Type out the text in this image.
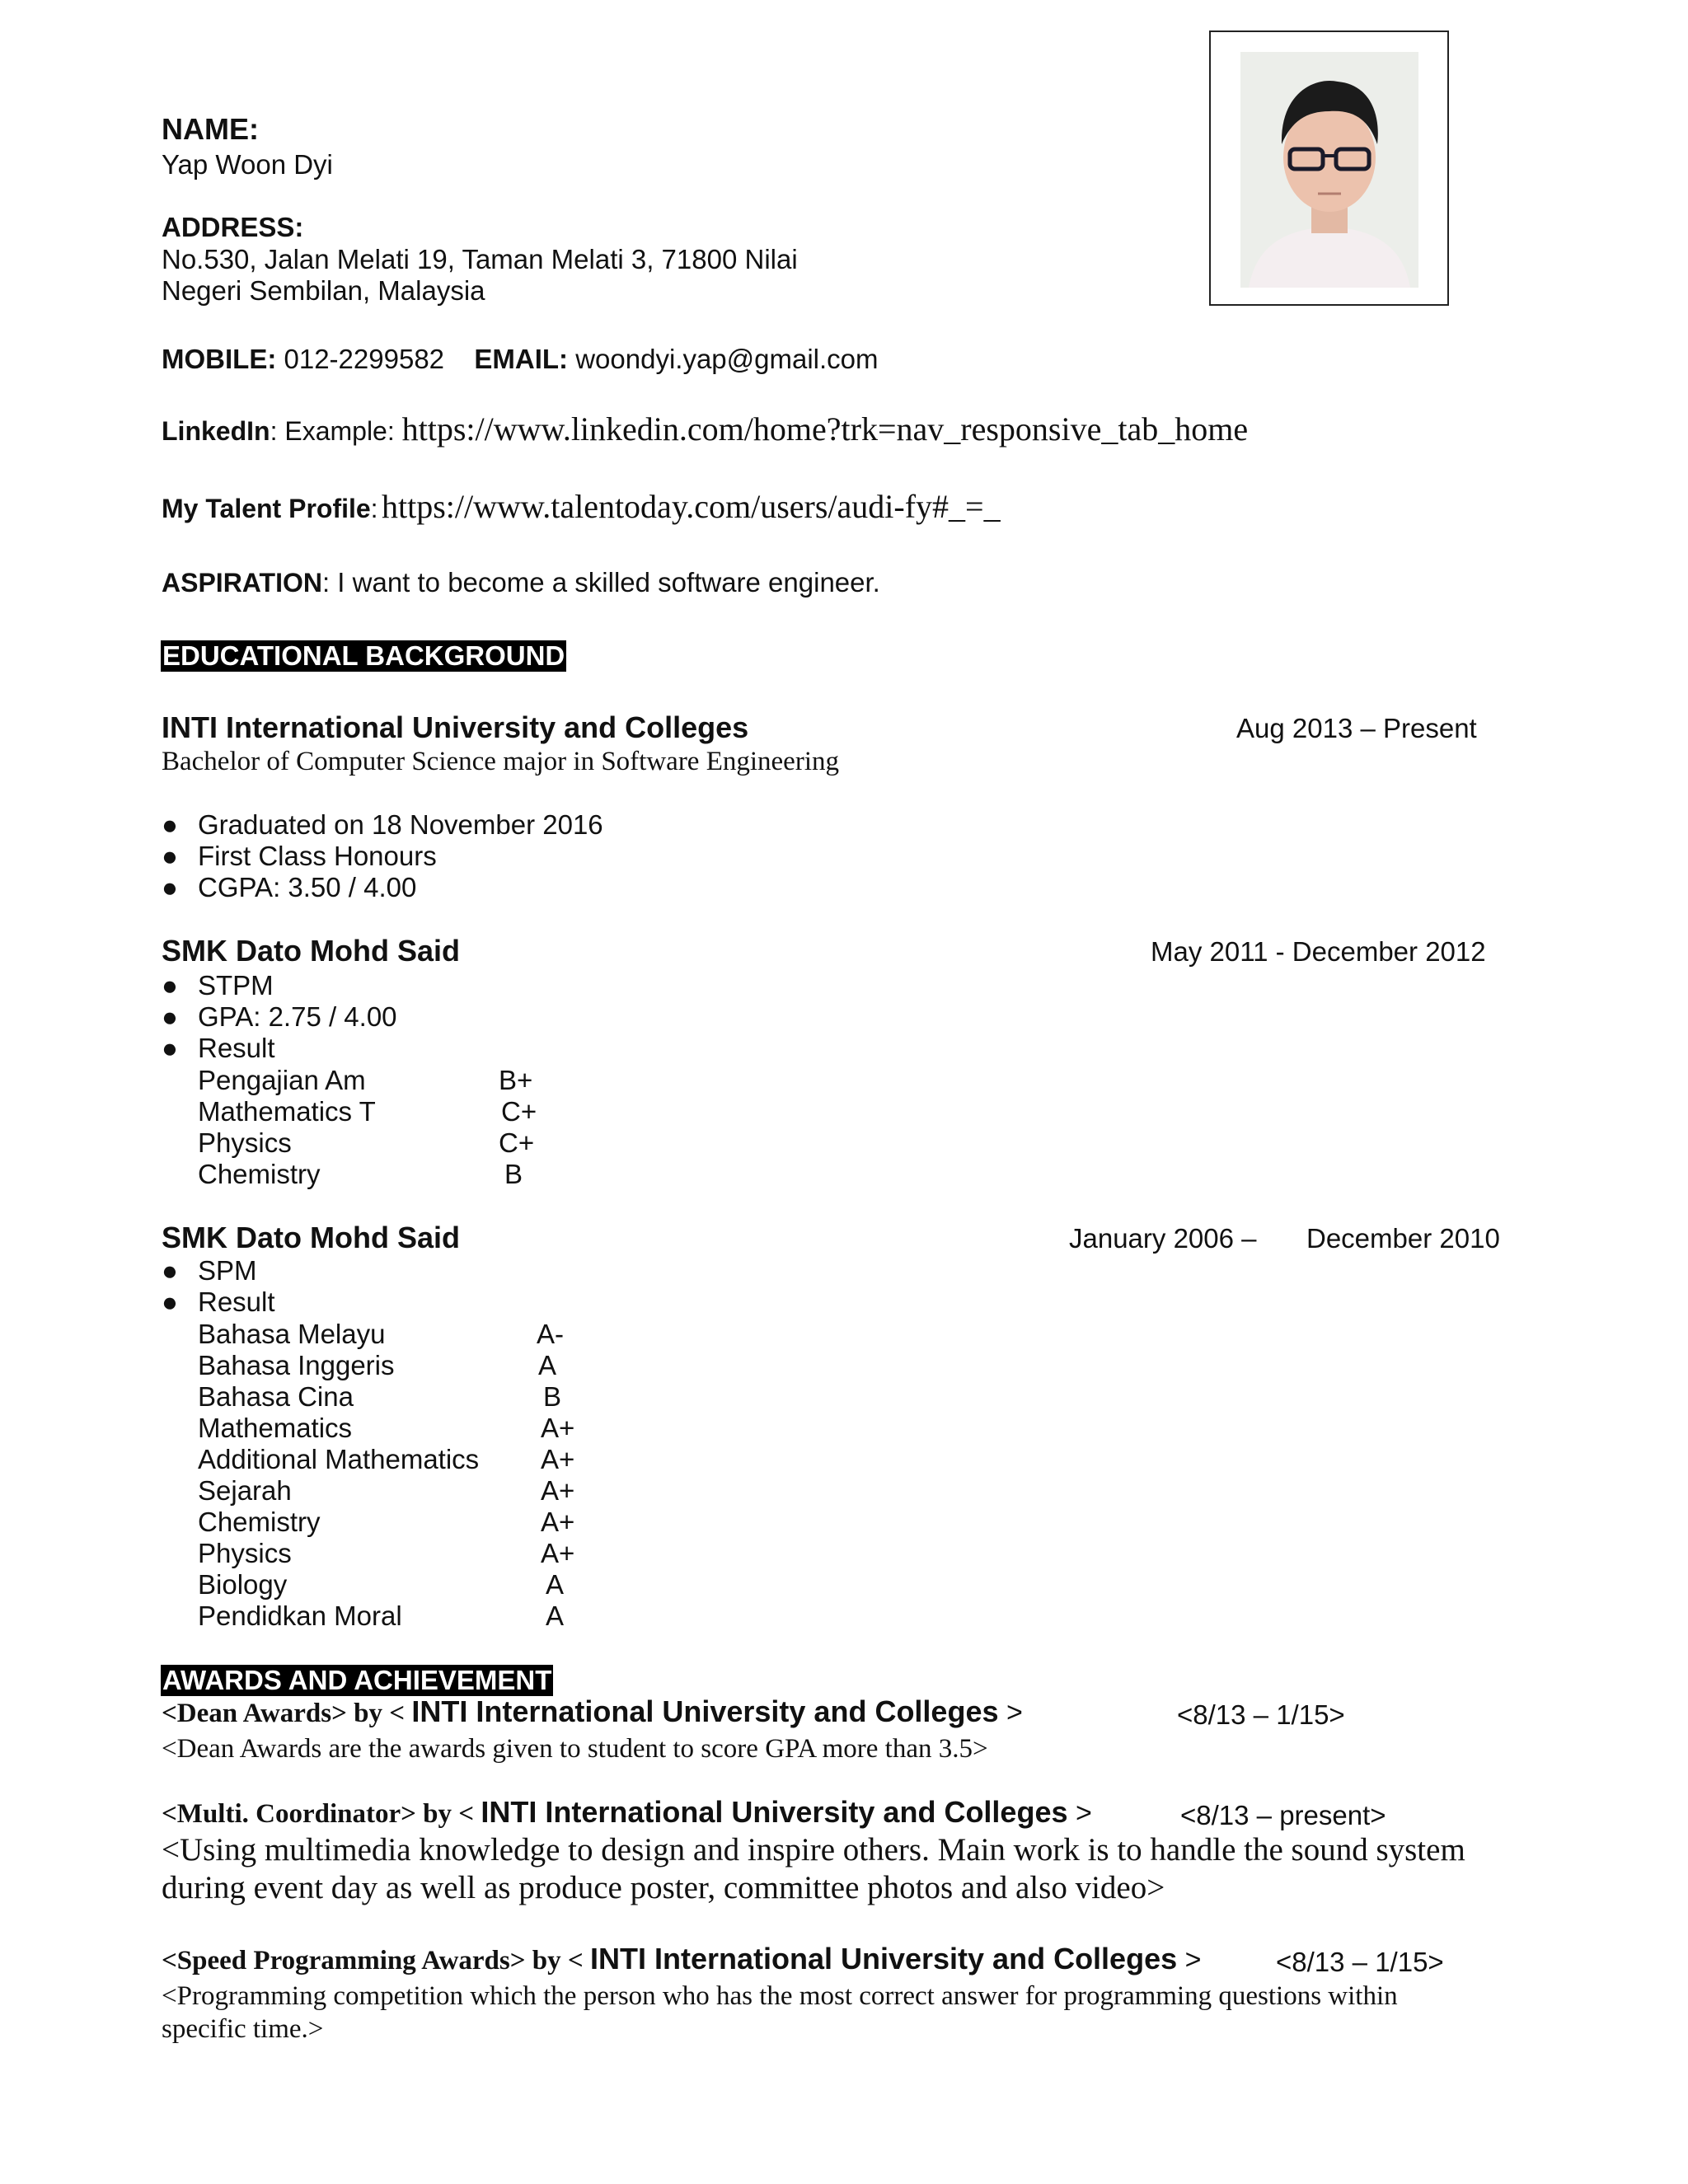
NAME:
Yap Woon Dyi
ADDRESS:
No.530, Jalan Melati 19, Taman Melati 3, 71800 Nilai
Negeri Sembilan, Malaysia
MOBILE: 012-2299582 EMAIL: woondyi.yap@gmail.com
LinkedIn: Example: https://www.linkedin.com/home?trk=nav_responsive_tab_home
My Talent Profile: https://www.talentoday.com/users/audi-fy#_=_
ASPIRATION: I want to become a skilled software engineer.
EDUCATIONAL BACKGROUND
INTI International University and Colleges	Aug 2013 – Present
Bachelor of Computer Science major in Software Engineering
● Graduated on 18 November 2016
● First Class Honours
● CGPA: 3.50 / 4.00
SMK Dato Mohd Said	May 2011 - December 2012
● STPM
● GPA: 2.75 / 4.00
● Result
Pengajian Am	B+
Mathematics T	C+
Physics	C+
Chemistry	B
SMK Dato Mohd Said	January 2006 – December 2010
● SPM
● Result
Bahasa Melayu	A-
Bahasa Inggeris	A
Bahasa Cina	B
Mathematics	A+
Additional Mathematics A+
Sejarah	A+
Chemistry	A+
Physics	A+
Biology	A
Pendidkan Moral	A
AWARDS AND ACHIEVEMENT
<Dean Awards> by < INTI International University and Colleges >	<8/13 – 1/15>
<Dean Awards are the awards given to student to score GPA more than 3.5>
<Multi. Coordinator> by < INTI International University and Colleges >	<8/13 – present>
<Using multimedia knowledge to design and inspire others. Main work is to handle the sound system
during event day as well as produce poster, committee photos and also video>
<Speed Programming Awards> by < INTI International University and Colleges >	<8/13 – 1/15>
<Programming competition which the person who has the most correct answer for programming questions within
specific time.>
